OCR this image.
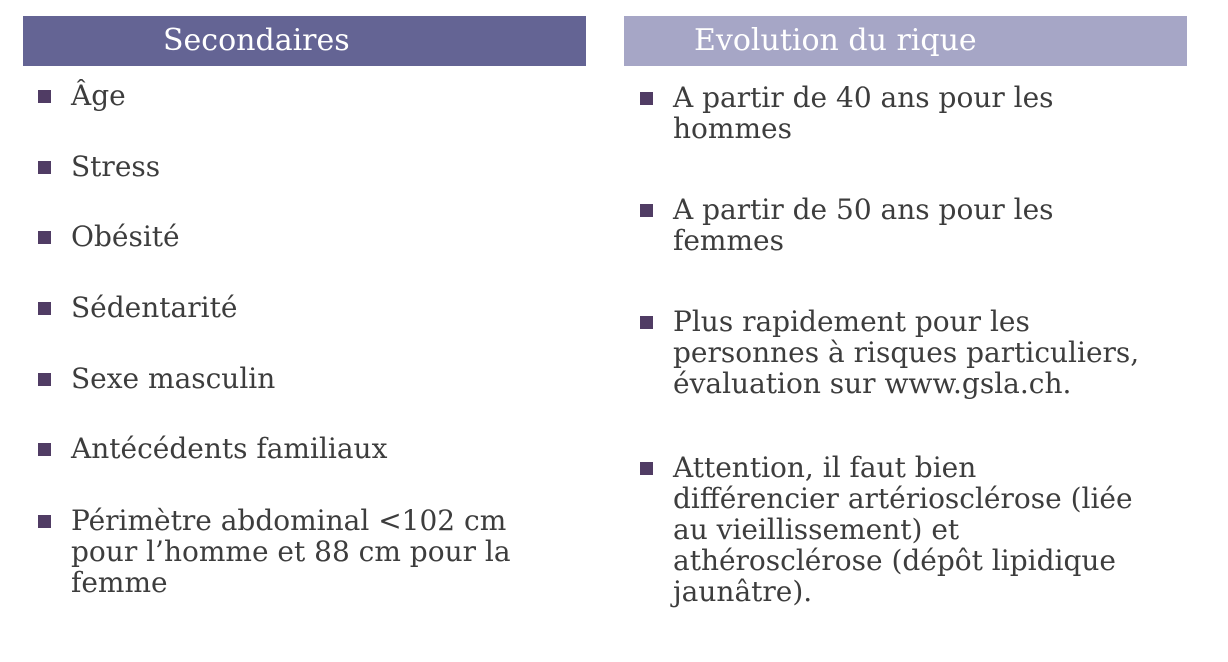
Secondaires	Evolution du rique
Âge
Stress
Obésité
Sédentarité
Sexe masculin
Antécédents familiaux
Périmètre abdominal <102 cm
pour l’homme et 88 cm pour la
femme
A partir de 40 ans pour les
hommes
A partir de 50 ans pour les
femmes
Plus rapidement pour les
personnes à risques particuliers,
évaluation sur www.gsla.ch.
Attention, il faut bien
différencier artériosclérose (liée
au vieillissement) et
athérosclérose (dépôt lipidique
jaunâtre).
